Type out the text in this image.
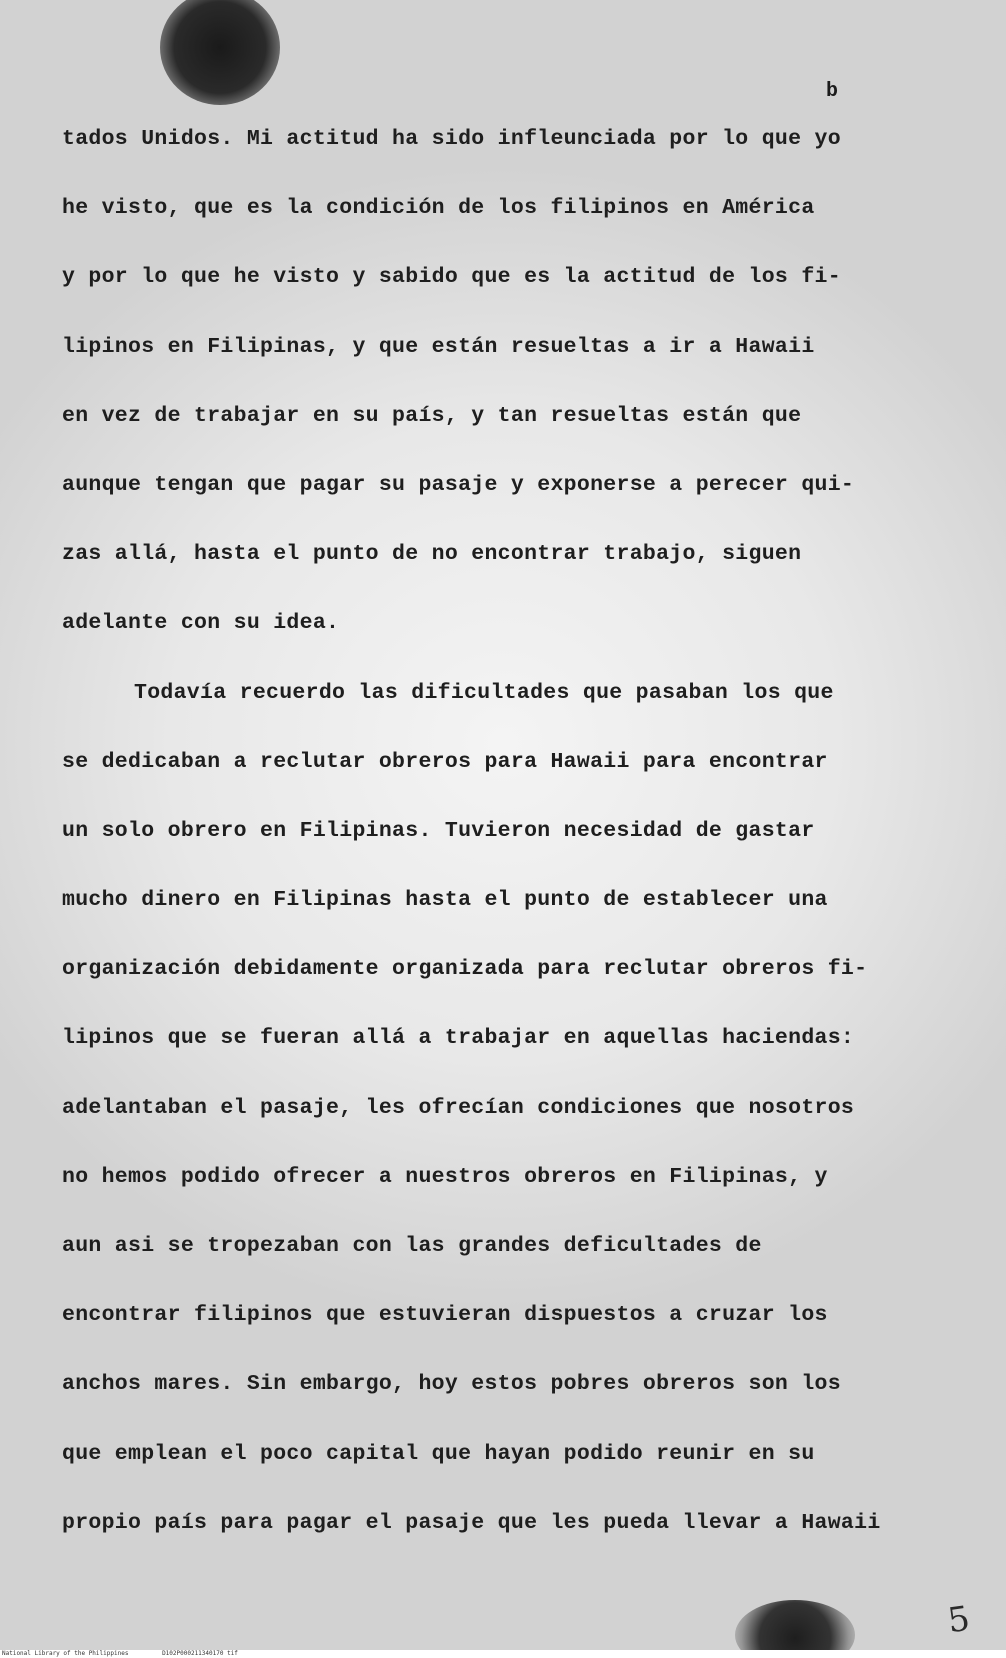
b
tados Unidos. Mi actitud ha sido infleunciada por lo que yo
he visto, que es la condición de los filipinos en América
y por lo que he visto y sabido que es la actitud de los fi-
lipinos en Filipinas, y que están resueltas a ir a Hawaii
en vez de trabajar en su país, y tan resueltas están que
aunque tengan que pagar su pasaje y exponerse a perecer qui-
zas allá, hasta el punto de no encontrar trabajo, siguen
adelante con su idea.
Todavía recuerdo las dificultades que pasaban los que
se dedicaban a reclutar obreros para Hawaii para encontrar
un solo obrero en Filipinas. Tuvieron necesidad de gastar
mucho dinero en Filipinas hasta el punto de establecer una
organización debidamente organizada para reclutar obreros fi-
lipinos que se fueran allá a trabajar en aquellas haciendas:
adelantaban el pasaje, les ofrecían condiciones que nosotros
no hemos podido ofrecer a nuestros obreros en Filipinas, y
aun asi se tropezaban con las grandes deficultades de
encontrar filipinos que estuvieran dispuestos a cruzar los
anchos mares. Sin embargo, hoy estos pobres obreros son los
que emplean el poco capital que hayan podido reunir en su
propio país para pagar el pasaje que les pueda llevar a Hawaii
5
National Library of the Philippines	D102P000211340170 tif
